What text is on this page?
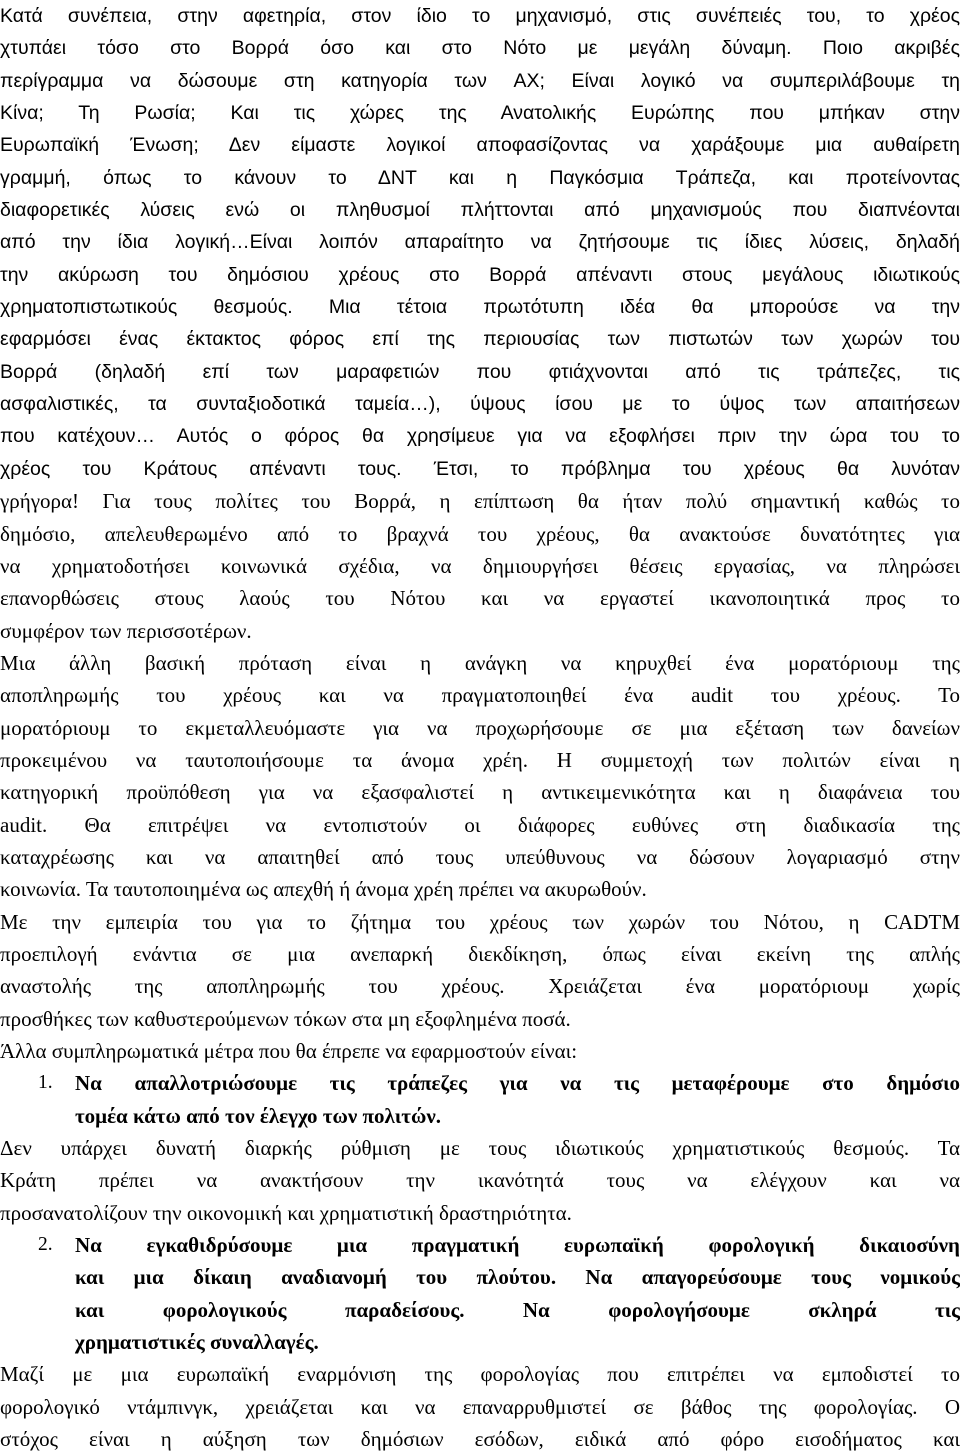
Κατά συνέπεια, στην αφετηρία, στον ίδιο το μηχανισμό, στις συνέπειές του, το χρέος
χτυπάει τόσο στο Βορρά όσο και στο Νότο με μεγάλη δύναμη. Ποιο ακριβές
περίγραμμα να δώσουμε στη κατηγορία των AX; Είναι λογικό να συμπεριλάβουμε τη
Κίνα; Τη Ρωσία; Και τις χώρες της Ανατολικής Ευρώπης που μπήκαν στην
Ευρωπαϊκή Ένωση; Δεν είμαστε λογικοί αποφασίζοντας να χαράξουμε μια αυθαίρετη
γραμμή, όπως το κάνουν το ΔΝΤ και η Παγκόσμια Τράπεζα, και προτείνοντας
διαφορετικές λύσεις ενώ οι πληθυσμοί πλήττονται από μηχανισμούς που διαπνέονται
από την ίδια λογική…Είναι λοιπόν απαραίτητο να ζητήσουμε τις ίδιες λύσεις, δηλαδή
την ακύρωση του δημόσιου χρέους στο Βορρά απέναντι στους μεγάλους ιδιωτικούς
χρηματοπιστωτικούς θεσμούς. Μια τέτοια πρωτότυπη ιδέα θα μπορούσε να την
εφαρμόσει ένας έκτακτος φόρος επί της περιουσίας των πιστωτών των χωρών του
Βορρά (δηλαδή επί των μαραφετιών που φτιάχνονται από τις τράπεζες, τις
ασφαλιστικές, τα συνταξιοδοτικά ταμεία…), ύψους ίσου με το ύψος των απαιτήσεων
που κατέχουν… Αυτός ο φόρος θα χρησίμευε για να εξοφλήσει πριν την ώρα του το
χρέος του Κράτους απέναντι τους. Έτσι, το πρόβλημα του χρέους θα λυνόταν
γρήγορα! Για τους πολίτες του Βορρά, η επίπτωση θα ήταν πολύ σημαντική καθώς το
δημόσιο, απελευθερωμένο από το βραχνά του χρέους, θα ανακτούσε δυνατότητες για
να χρηματοδοτήσει κοινωνικά σχέδια, να δημιουργήσει θέσεις εργασίας, να πληρώσει
επανορθώσεις στους λαούς του Νότου και να εργαστεί ικανοποιητικά προς το
συμφέρον των περισσοτέρων.
Μια άλλη βασική πρόταση είναι η ανάγκη να κηρυχθεί ένα μορατόριουμ της
αποπληρωμής του χρέους και να πραγματοποιηθεί ένα audit του χρέους. Το
μορατόριουμ το εκμεταλλευόμαστε για να προχωρήσουμε σε μια εξέταση των δανείων
προκειμένου να ταυτοποιήσουμε τα άνομα χρέη. Η συμμετοχή των πολιτών είναι η
κατηγορική προϋπόθεση για να εξασφαλιστεί η αντικειμενικότητα και η διαφάνεια του
audit. Θα επιτρέψει να εντοπιστούν οι διάφορες ευθύνες στη διαδικασία της
καταχρέωσης και να απαιτηθεί από τους υπεύθυνους να δώσουν λογαριασμό στην
κοινωνία. Τα ταυτοποιημένα ως απεχθή ή άνομα χρέη πρέπει να ακυρωθούν.
Με την εμπειρία του για το ζήτημα του χρέους των χωρών του Νότου, η CADTM
προεπιλογή ενάντια σε μια ανεπαρκή διεκδίκηση, όπως είναι εκείνη της απλής
αναστολής της αποπληρωμής του χρέους. Χρειάζεται ένα μορατόριουμ χωρίς
προσθήκες των καθυστερούμενων τόκων στα μη εξοφλημένα ποσά.
Άλλα συμπληρωματικά μέτρα που θα έπρεπε να εφαρμοστούν είναι:
1.	Να απαλλοτριώσουμε τις τράπεζες για να τις μεταφέρουμε στο δημόσιο
τομέα κάτω από τον έλεγχο των πολιτών.
Δεν υπάρχει δυνατή διαρκής ρύθμιση με τους ιδιωτικούς χρηματιστικούς θεσμούς. Τα
Κράτη πρέπει να ανακτήσουν την ικανότητά τους να ελέγχουν και να
προσανατολίζουν την οικονομική και χρηματιστική δραστηριότητα.
2.	Να εγκαθιδρύσουμε μια πραγματική ευρωπαϊκή φορολογική δικαιοσύνη
και μια δίκαιη αναδιανομή του πλούτου. Να απαγορεύσουμε τους νομικούς
και φορολογικούς παραδείσους. Να φορολογήσουμε σκληρά τις
χρηματιστικές συναλλαγές.
Μαζί με μια ευρωπαϊκή εναρμόνιση της φορολογίας που επιτρέπει να εμποδιστεί το
φορολογικό ντάμπινγκ, χρειάζεται και να επαναρρυθμιστεί σε βάθος της φορολογίας. Ο
στόχος είναι η αύξηση των δημόσιων εσόδων, ειδικά από φόρο εισοδήματος και
